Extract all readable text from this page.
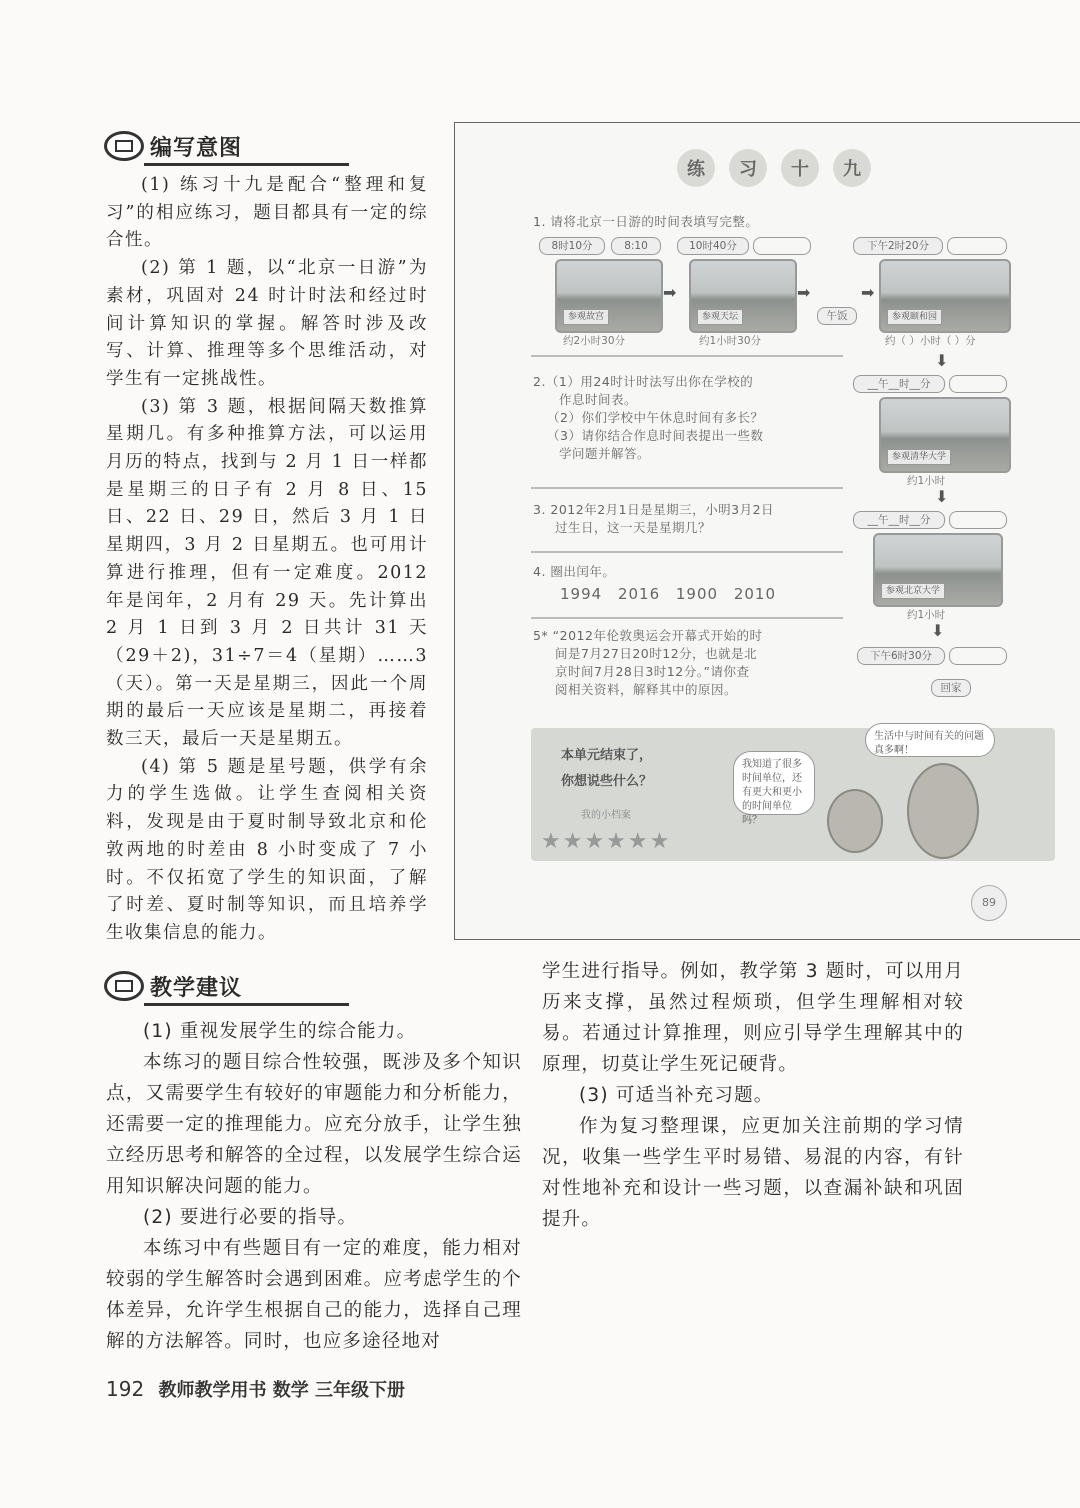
编写意图

(1) 练习十九是配合“整理和复习”的相应练习，题目都具有一定的综合性。

(2) 第 1 题，以“北京一日游”为素材，巩固对 24 时计时法和经过时间计算知识的掌握。解答时涉及改写、计算、推理等多个思维活动，对学生有一定挑战性。

(3) 第 3 题，根据间隔天数推算星期几。有多种推算方法，可以运用月历的特点，找到与 2 月 1 日一样都是星期三的日子有 2 月 8 日、15 日、22 日、29 日，然后 3 月 1 日星期四，3 月 2 日星期五。也可用计算进行推理，但有一定难度。2012 年是闰年，2 月有 29 天。先计算出 2 月 1 日到 3 月 2 日共计 31 天（29＋2)，31÷7＝4（星期）……3（天）。第一天是星期三，因此一个周期的最后一天应该是星期二，再接着数三天，最后一天是星期五。

(4) 第 5 题是星号题，供学有余力的学生选做。让学生查阅相关资料，发现是由于夏时制导致北京和伦敦两地的时差由 8 小时变成了 7 小时。不仅拓宽了学生的知识面，了解了时差、夏时制等知识，而且培养学生收集信息的能力。

练	习	十	九
1. 请将北京一日游的时间表填写完整。
8时10分	8:10	10时40分	下午2时20分
参观故宫
➡
参观天坛
➡
午饭
➡
参观颐和园
约2小时30分	约1小时30分	约（ ）小时（ ）分
⬇
__午__时__分
参观清华大学
约1小时
⬇
__午__时__分
参观北京大学
约1小时
⬇
下午6时30分
回家
2.（1）用24时计时法写出你在学校的
作息时间表。
（2）你们学校中午休息时间有多长？
（3）请你结合作息时间表提出一些数
学问题并解答。
3. 2012年2月1日是星期三，小明3月2日
过生日，这一天是星期几？
4. 圈出闰年。
1994 2016 1900 2010
5* “2012年伦敦奥运会开幕式开始的时
间是7月27日20时12分，也就是北
京时间7月28日3时12分。”请你查
阅相关资料，解释其中的原因。
本单元结束了，
你想说些什么？
我的小档案
★★★★★★
我知道了很多时间单位，还有更大和更小的时间单位吗？
生活中与时间有关的问题真多啊！
89
教学建议

(1) 重视发展学生的综合能力。

本练习的题目综合性较强，既涉及多个知识点，又需要学生有较好的审题能力和分析能力，还需要一定的推理能力。应充分放手，让学生独立经历思考和解答的全过程，以发展学生综合运用知识解决问题的能力。

(2) 要进行必要的指导。

本练习中有些题目有一定的难度，能力相对较弱的学生解答时会遇到困难。应考虑学生的个体差异，允许学生根据自己的能力，选择自己理解的方法解答。同时，也应多途径地对

学生进行指导。例如，教学第 3 题时，可以用月历来支撑，虽然过程烦琐，但学生理解相对较易。若通过计算推理，则应引导学生理解其中的原理，切莫让学生死记硬背。

(3) 可适当补充习题。

作为复习整理课，应更加关注前期的学习情况，收集一些学生平时易错、易混的内容，有针对性地补充和设计一些习题，以查漏补缺和巩固提升。

192 教师教学用书 数学 三年级下册
